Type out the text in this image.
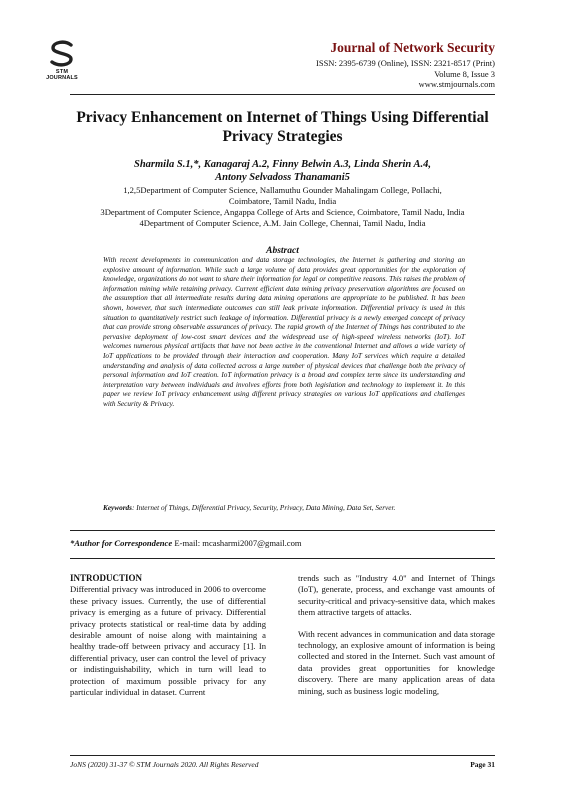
STM JOURNALS
Journal of Network Security
ISSN: 2395-6739 (Online), ISSN: 2321-8517 (Print)
Volume 8, Issue 3
www.stmjournals.com
Privacy Enhancement on Internet of Things Using Differential Privacy Strategies
Sharmila S.1,*, Kanagaraj A.2, Finny Belwin A.3, Linda Sherin A.4,
Antony Selvadoss Thanamani5
1,2,5Department of Computer Science, Nallamuthu Gounder Mahalingam College, Pollachi,
Coimbatore, Tamil Nadu, India
3Department of Computer Science, Angappa College of Arts and Science, Coimbatore, Tamil Nadu, India
4Department of Computer Science, A.M. Jain College, Chennai, Tamil Nadu, India
Abstract
With recent developments in communication and data storage technologies, the Internet is gathering and storing an explosive amount of information. While such a large volume of data provides great opportunities for the exploration of knowledge, organizations do not want to share their information for legal or competitive reasons. This raises the problem of information mining while retaining privacy. Current efficient data mining privacy preservation algorithms are focused on the assumption that all intermediate results during data mining operations are appropriate to be published. It has been shown, however, that such intermediate outcomes can still leak private information. Differential privacy is used in this situation to quantitatively restrict such leakage of information. Differential privacy is a newly emerged concept of privacy that can provide strong observable assurances of privacy. The rapid growth of the Internet of Things has contributed to the pervasive deployment of low-cost smart devices and the widespread use of high-speed wireless networks (IoT). IoT welcomes numerous physical artifacts that have not been active in the conventional Internet and allows a wide variety of IoT applications to be provided through their interaction and cooperation. Many IoT services which require a detailed understanding and analysis of data collected across a large number of physical devices that challenge both the privacy of personal information and IoT creation. IoT information privacy is a broad and complex term since its understanding and interpretation vary between individuals and involves efforts from both legislation and technology to implement it. In this paper we review IoT privacy enhancement using different privacy strategies on various IoT applications and challenges with Security & Privacy.
Keywords: Internet of Things, Differential Privacy, Security, Privacy, Data Mining, Data Set, Server.
*Author for Correspondence E-mail: mcasharmi2007@gmail.com
INTRODUCTION
Differential privacy was introduced in 2006 to overcome these privacy issues. Currently, the use of differential privacy is emerging as a future of privacy. Differential privacy protects statistical or real-time data by adding desirable amount of noise along with maintaining a healthy trade-off between privacy and accuracy [1]. In differential privacy, user can control the level of privacy or indistinguishability, which in turn will lead to protection of maximum possible privacy for any particular individual in dataset. Current

trends such as "Industry 4.0" and Internet of Things (IoT), generate, process, and exchange vast amounts of security-critical and privacy-sensitive data, which makes them attractive targets of attacks.

With recent advances in communication and data storage technology, an explosive amount of information is being collected and stored in the Internet. Such vast amount of data provides great opportunities for knowledge discovery. There are many application areas of data mining, such as business logic modeling,

JoNS (2020) 31-37 © STM Journals 2020. All Rights Reserved	Page 31
